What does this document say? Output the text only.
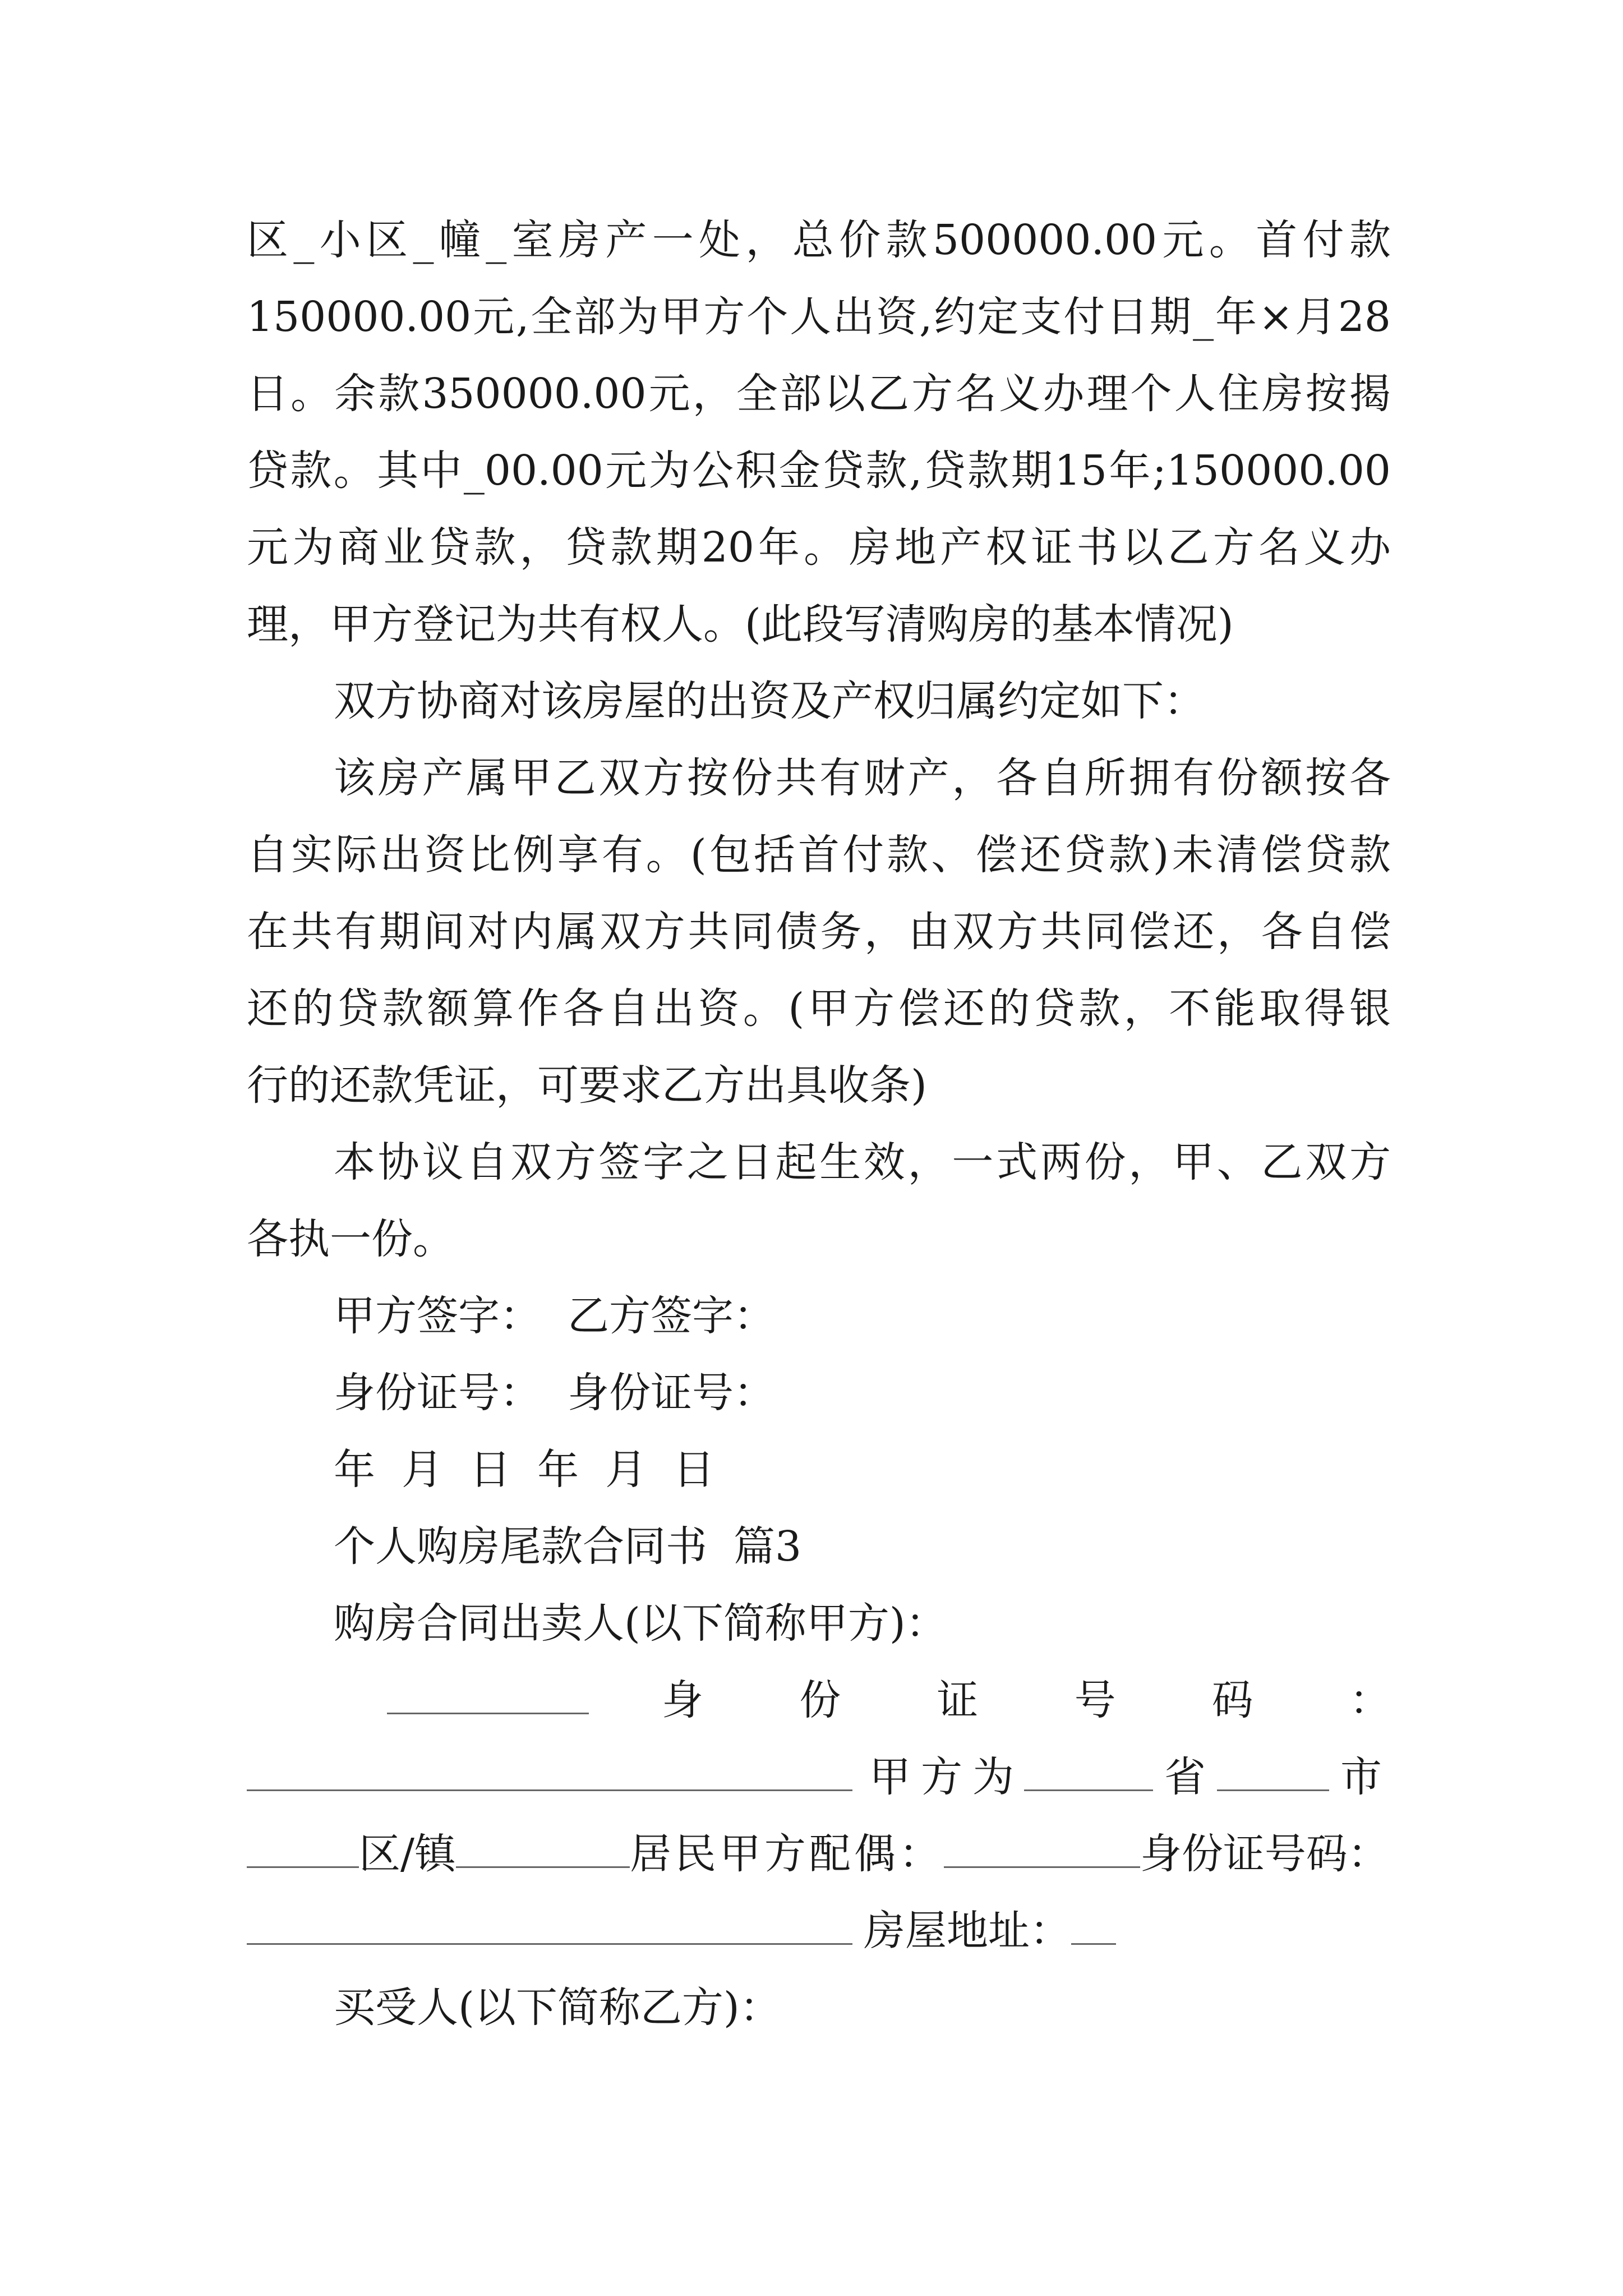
区_小区_幢_室房产一处，总价款500000.00元。首付款
150000.00元,全部为甲方个人出资,约定支付日期_年×月28
日。余款350000.00元，全部以乙方名义办理个人住房按揭
贷款。其中_00.00元为公积金贷款,贷款期15年;150000.00
元为商业贷款，贷款期20年。房地产权证书以乙方名义办
理，甲方登记为共有权人。(此段写清购房的基本情况)
双方协商对该房屋的出资及产权归属约定如下：
该房产属甲乙双方按份共有财产，各自所拥有份额按各
自实际出资比例享有。(包括首付款、偿还贷款)未清偿贷款
在共有期间对内属双方共同债务，由双方共同偿还，各自偿
还的贷款额算作各自出资。(甲方偿还的贷款，不能取得银
行的还款凭证，可要求乙方出具收条)
本协议自双方签字之日起生效，一式两份，甲、乙双方
各执一份。
甲方签字：  乙方签字：
身份证号：  身份证号：
年  月  日  年  月  日
个人购房尾款合同书  篇3
购房合同出卖人(以下简称甲方)：
身 份 证 号 码 ：
甲方为	省	市
区/镇	居民甲方配偶：	身份证号码：
房屋地址：
买受人(以下简称乙方)：
